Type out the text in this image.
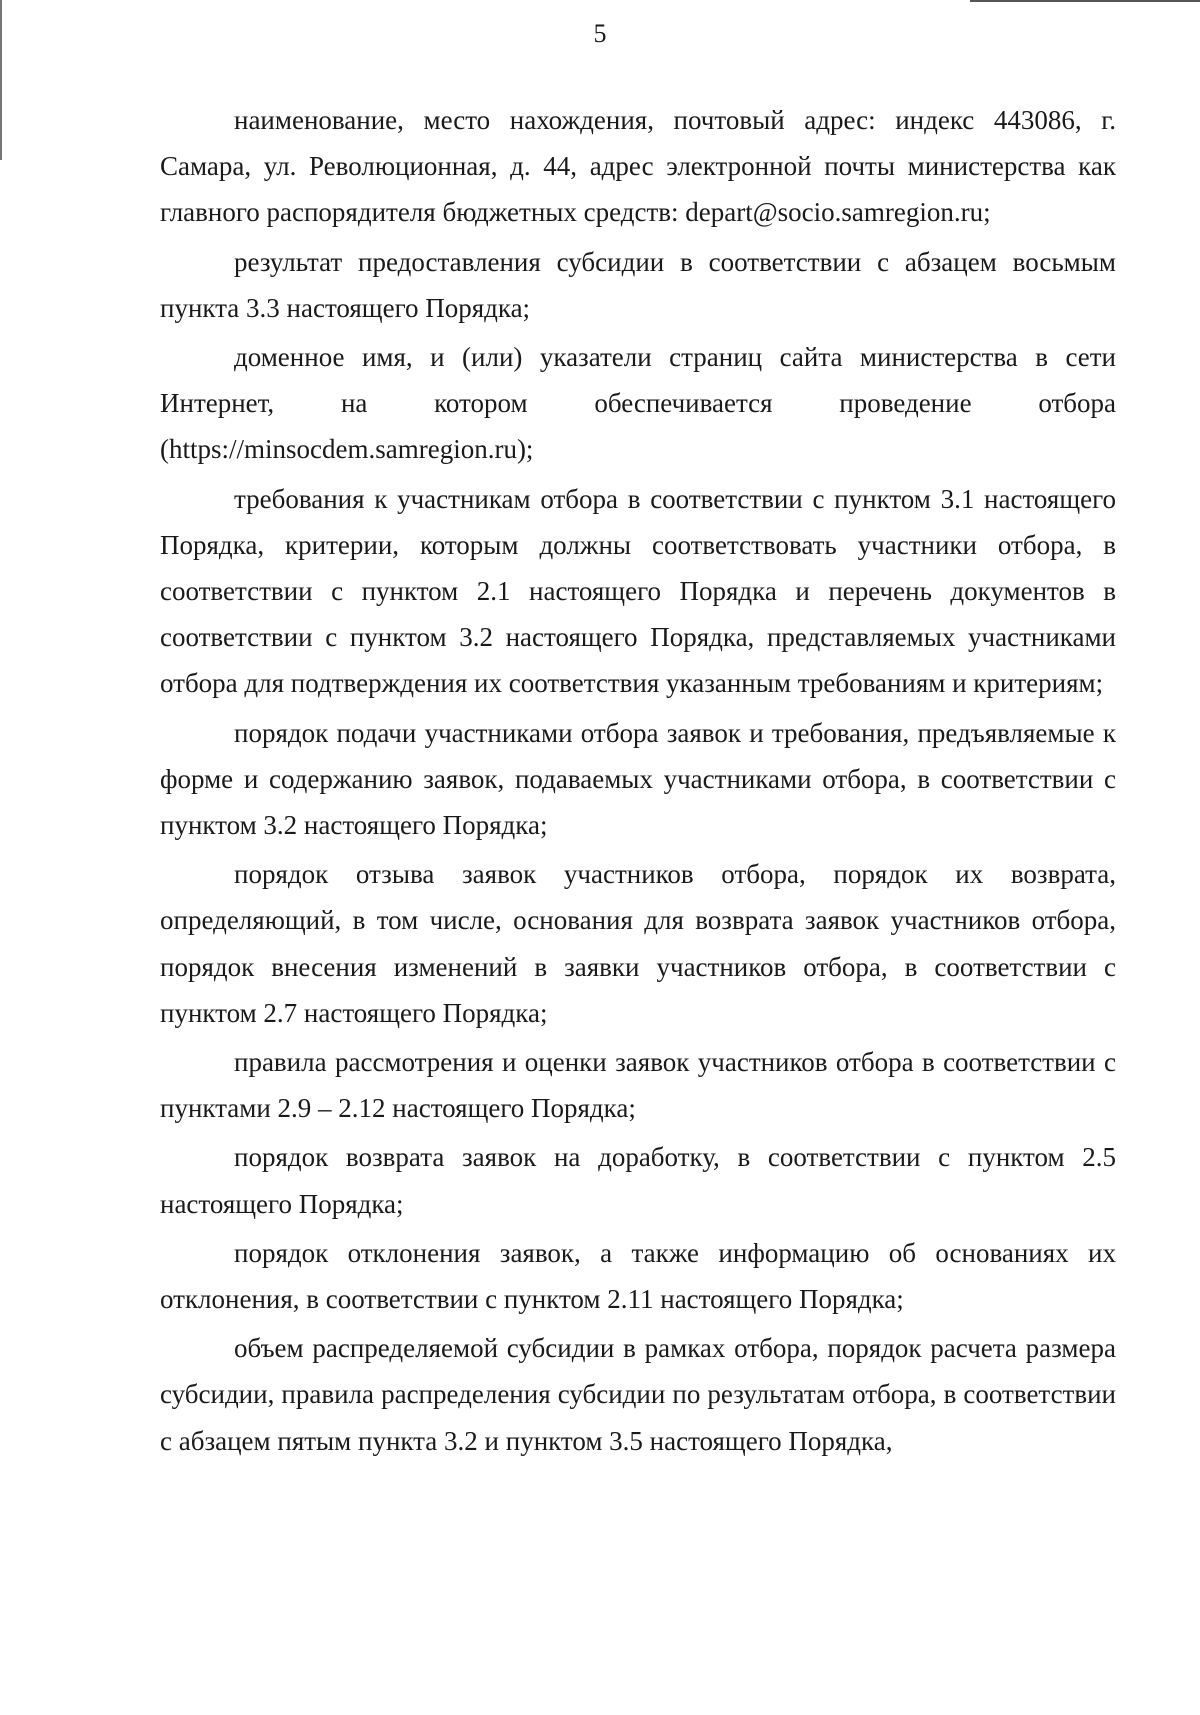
5

наименование, место нахождения, почтовый адрес: индекс 443086, г. Самара, ул. Революционная, д. 44, адрес электронной почты министерства как главного распорядителя бюджетных средств: depart@socio.samregion.ru;

результат предоставления субсидии в соответствии с абзацем восьмым пункта 3.3 настоящего Порядка;

доменное имя, и (или) указатели страниц сайта министерства в сети Интернет, на котором обеспечивается проведение отбора (https://minsocdem.samregion.ru);

требования к участникам отбора в соответствии с пунктом 3.1 настоящего Порядка, критерии, которым должны соответствовать участники отбора, в соответствии с пунктом 2.1 настоящего Порядка и перечень документов в соответствии с пунктом 3.2 настоящего Порядка, представляемых участниками отбора для подтверждения их соответствия указанным требованиям и критериям;

порядок подачи участниками отбора заявок и требования, предъявляемые к форме и содержанию заявок, подаваемых участниками отбора, в соответствии с пунктом 3.2 настоящего Порядка;

порядок отзыва заявок участников отбора, порядок их возврата, определяющий, в том числе, основания для возврата заявок участников отбора, порядок внесения изменений в заявки участников отбора, в соответствии с пунктом 2.7 настоящего Порядка;

правила рассмотрения и оценки заявок участников отбора в соответствии с пунктами 2.9 – 2.12 настоящего Порядка;

порядок возврата заявок на доработку, в соответствии с пунктом 2.5 настоящего Порядка;

порядок отклонения заявок, а также информацию об основаниях их отклонения, в соответствии с пунктом 2.11 настоящего Порядка;

объем распределяемой субсидии в рамках отбора, порядок расчета размера субсидии, правила распределения субсидии по результатам отбора, в соответствии с абзацем пятым пункта 3.2 и пунктом 3.5 настоящего Порядка,
